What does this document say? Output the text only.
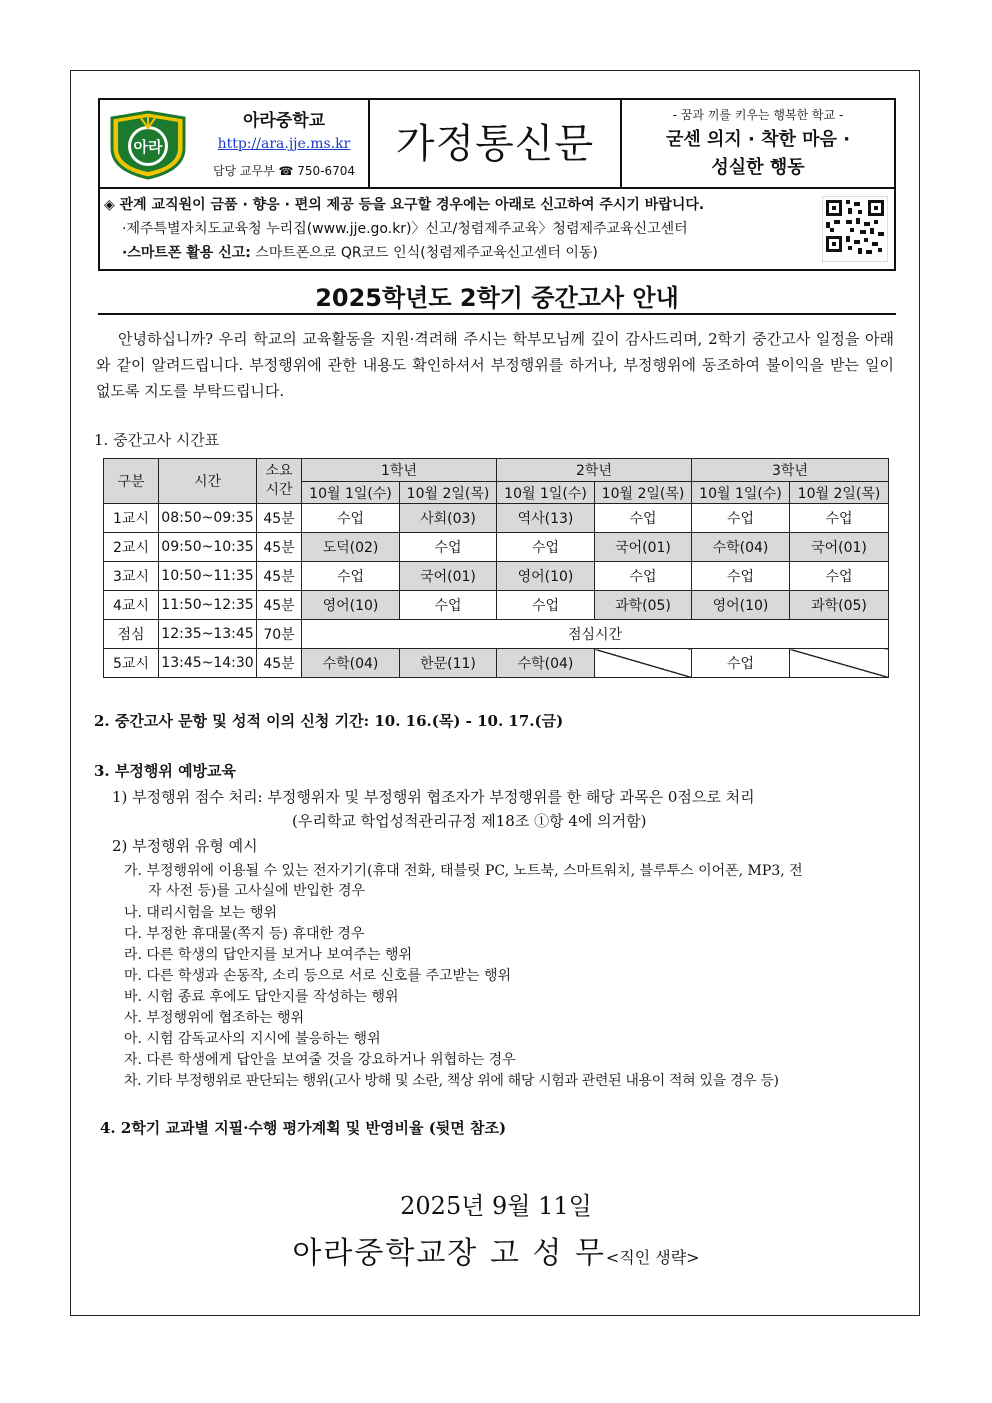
아라
아라중학교
http://ara.jje.ms.kr
담당 교무부 ☎ 750-6704
가정통신문
- 꿈과 끼를 키우는 행복한 학교 -
굳센 의지 · 착한 마음 ·
성실한 행동
◈ 관계 교직원이 금품 · 향응 · 편의 제공 등을 요구할 경우에는 아래로 신고하여 주시기 바랍니다.
·제주특별자치도교육청 누리집(www.jje.go.kr)〉신고/청렴제주교육〉청렴제주교육신고센터
·스마트폰 활용 신고: 스마트폰으로 QR코드 인식(청렴제주교육신고센터 이동)
2025학년도 2학기 중간고사 안내
안녕하십니까? 우리 학교의 교육활동을 지원·격려해 주시는 학부모님께 깊이 감사드리며, 2학기 중간고사 일정을 아래와 같이 알려드립니다. 부정행위에 관한 내용도 확인하셔서 부정행위를 하거나, 부정행위에 동조하여 불이익을 받는 일이 없도록 지도를 부탁드립니다.
1. 중간고사 시간표
구분	시간	소요
시간	1학년		2학년		3학년	
			10월 1일(수)	10월 2일(목)	10월 1일(수)	10월 2일(목)	10월 1일(수)	10월 2일(목)
1교시	08:50~09:35	45분	수업	사회(03)	역사(13)	수업	수업	수업
2교시	09:50~10:35	45분	도덕(02)	수업	수업	국어(01)	수학(04)	국어(01)
3교시	10:50~11:35	45분	수업	국어(01)	영어(10)	수업	수업	수업
4교시	11:50~12:35	45분	영어(10)	수업	수업	과학(05)	영어(10)	과학(05)
점심	12:35~13:45	70분	점심시간					
5교시	13:45~14:30	45분	수학(04)	한문(11)	수학(04)		수업	
2. 중간고사 문항 및 성적 이의 신청 기간: 10. 16.(목) - 10. 17.(금)
3. 부정행위 예방교육
1) 부정행위 점수 처리: 부정행위자 및 부정행위 협조자가 부정행위를 한 해당 과목은 0점으로 처리
(우리학교 학업성적관리규정 제18조 ①항 4에 의거함)
2) 부정행위 유형 예시
가. 부정행위에 이용될 수 있는 전자기기(휴대 전화, 태블릿 PC, 노트북, 스마트워치, 블루투스 이어폰, MP3, 전
자 사전 등)를 고사실에 반입한 경우
나. 대리시험을 보는 행위
다. 부정한 휴대물(쪽지 등) 휴대한 경우
라. 다른 학생의 답안지를 보거나 보여주는 행위
마. 다른 학생과 손동작, 소리 등으로 서로 신호를 주고받는 행위
바. 시험 종료 후에도 답안지를 작성하는 행위
사. 부정행위에 협조하는 행위
아. 시험 감독교사의 지시에 불응하는 행위
자. 다른 학생에게 답안을 보여줄 것을 강요하거나 위협하는 경우
차. 기타 부정행위로 판단되는 행위(고사 방해 및 소란, 책상 위에 해당 시험과 관련된 내용이 적혀 있을 경우 등)
4. 2학기 교과별 지필·수행 평가계획 및 반영비율 (뒷면 참조)
2025년 9월 11일
아라중학교장 고 성 무<직인 생략>
